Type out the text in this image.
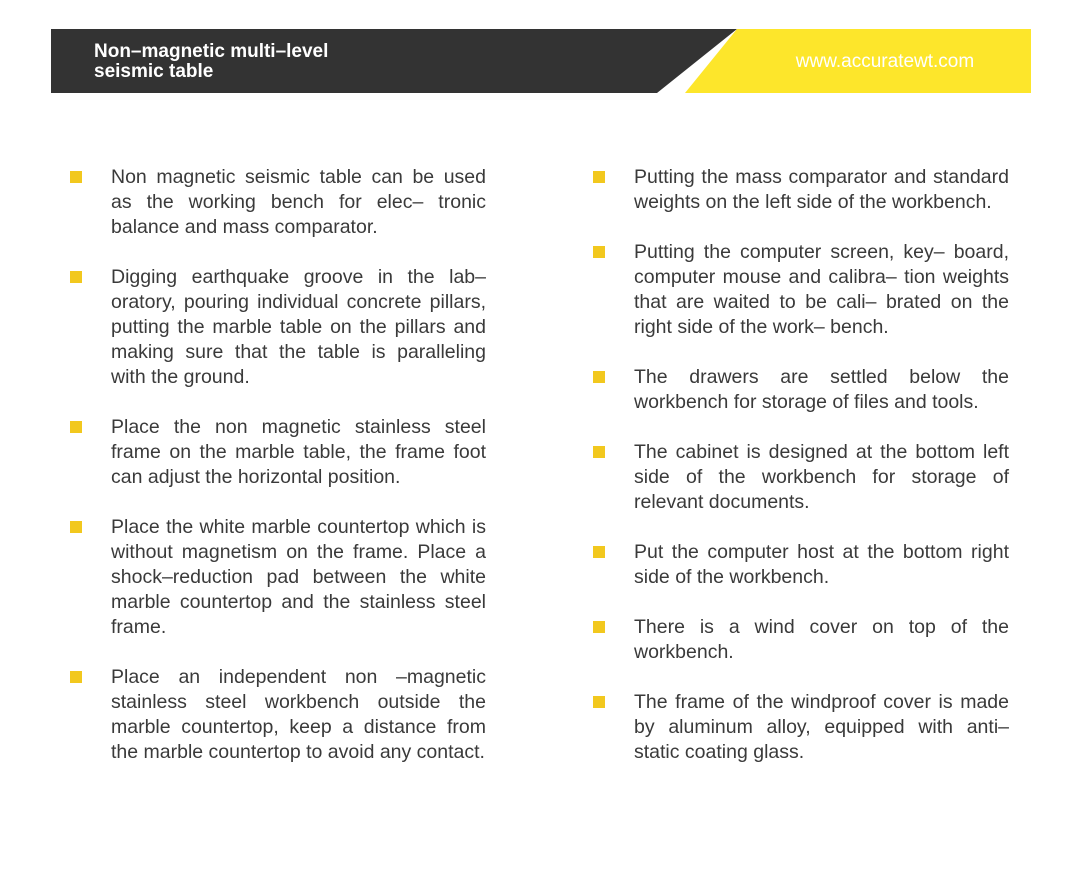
Non–magnetic multi–level
seismic table	www.accuratewt.com
Non magnetic seismic table can be used as the working bench for elec– tronic balance and mass comparator.
Digging earthquake groove in the lab– oratory, pouring individual concrete pillars, putting the marble table on the pillars and making sure that the table is paralleling with the ground.
Place the non magnetic stainless steel frame on the marble table, the frame foot can adjust the horizontal position.
Place the white marble countertop which is without magnetism on the frame. Place a shock–reduction pad between the white marble countertop and the stainless steel frame.
Place an independent non –magnetic stainless steel workbench outside the marble countertop, keep a distance from the marble countertop to avoid any contact.
Putting the mass comparator and standard weights on the left side of the workbench.
Putting the computer screen, key– board, computer mouse and calibra– tion weights that are waited to be cali– brated on the right side of the work– bench.
The drawers are settled below the workbench for storage of files and tools.
The cabinet is designed at the bottom left side of the workbench for storage of relevant documents.
Put the computer host at the bottom right side of the workbench.
There is a wind cover on top of the workbench.
The frame of the windproof cover is made by aluminum alloy, equipped with anti–static coating glass.
